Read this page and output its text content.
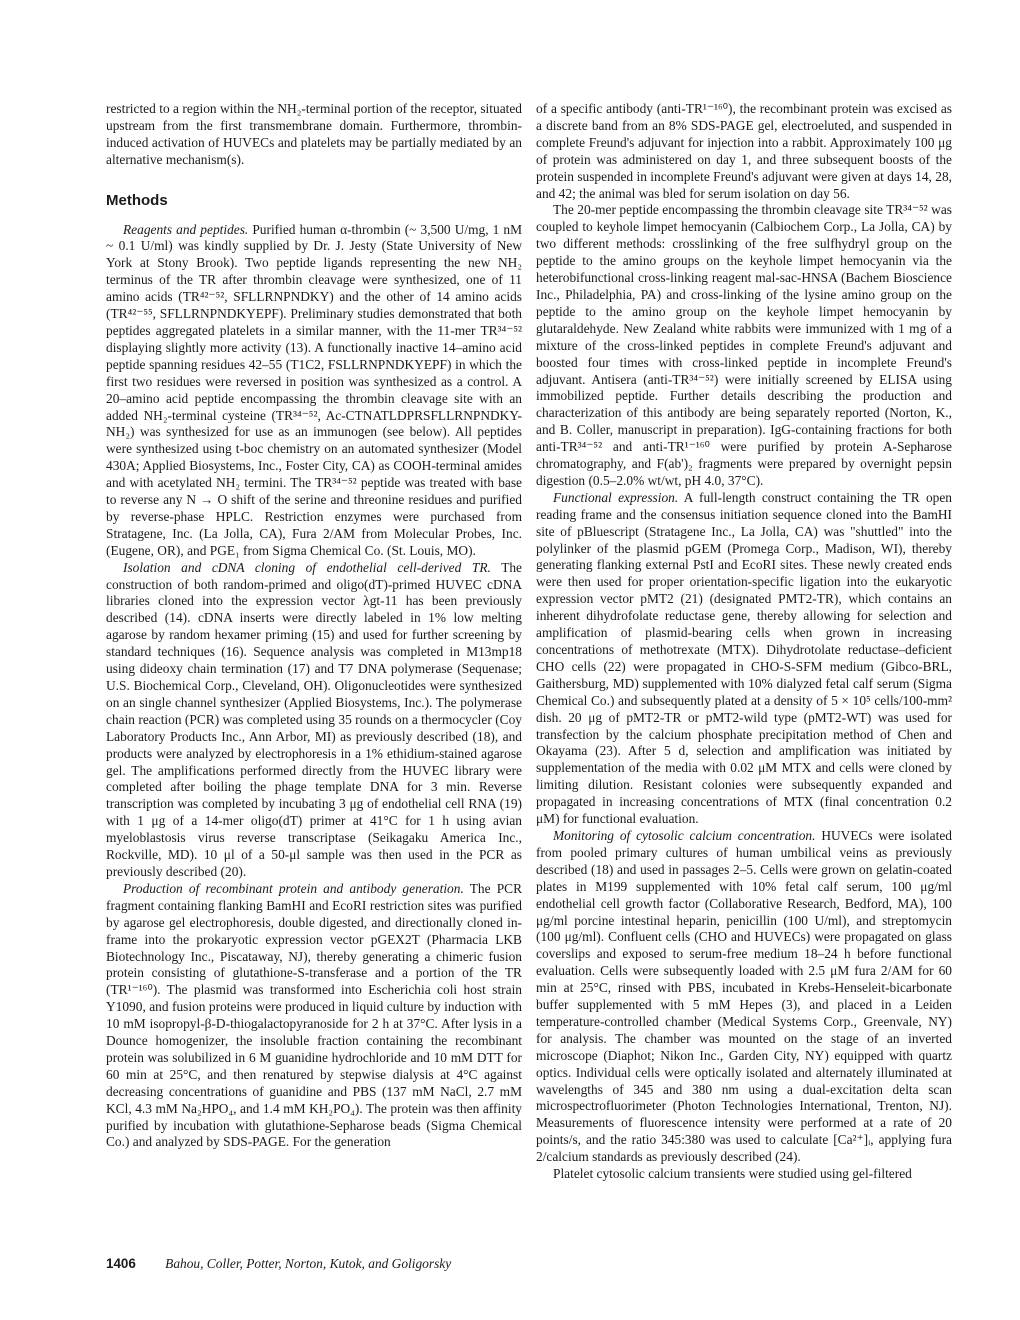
restricted to a region within the NH₂-terminal portion of the receptor, situated upstream from the first transmembrane domain. Furthermore, thrombin-induced activation of HUVECs and platelets may be partially mediated by an alternative mechanism(s).

Methods

Reagents and peptides. Purified human α-thrombin (~ 3,500 U/mg, 1 nM ~ 0.1 U/ml) was kindly supplied by Dr. J. Jesty (State University of New York at Stony Brook). Two peptide ligands representing the new NH₂ terminus of the TR after thrombin cleavage were synthesized, one of 11 amino acids (TR⁴²⁻⁵², SFLLRNPNDKY) and the other of 14 amino acids (TR⁴²⁻⁵⁵, SFLLRNPNDKYEPF). Preliminary studies demonstrated that both peptides aggregated platelets in a similar manner, with the 11-mer TR³⁴⁻⁵² displaying slightly more activity (13). A functionally inactive 14–amino acid peptide spanning residues 42–55 (T1C2, FSLLRNPNDKYEPF) in which the first two residues were reversed in position was synthesized as a control. A 20–amino acid peptide encompassing the thrombin cleavage site with an added NH₂-terminal cysteine (TR³⁴⁻⁵², Ac-CTNATLDPRSFLLRNPNDKY-NH₂) was synthesized for use as an immunogen (see below). All peptides were synthesized using t-boc chemistry on an automated synthesizer (Model 430A; Applied Biosystems, Inc., Foster City, CA) as COOH-terminal amides and with acetylated NH₂ termini. The TR³⁴⁻⁵² peptide was treated with base to reverse any N → O shift of the serine and threonine residues and purified by reverse-phase HPLC. Restriction enzymes were purchased from Stratagene, Inc. (La Jolla, CA), Fura 2/AM from Molecular Probes, Inc. (Eugene, OR), and PGE₁ from Sigma Chemical Co. (St. Louis, MO).

Isolation and cDNA cloning of endothelial cell-derived TR. The construction of both random-primed and oligo(dT)-primed HUVEC cDNA libraries cloned into the expression vector λgt-11 has been previously described (14). cDNA inserts were directly labeled in 1% low melting agarose by random hexamer priming (15) and used for further screening by standard techniques (16). Sequence analysis was completed in M13mp18 using dideoxy chain termination (17) and T7 DNA polymerase (Sequenase; U.S. Biochemical Corp., Cleveland, OH). Oligonucleotides were synthesized on an single channel synthesizer (Applied Biosystems, Inc.). The polymerase chain reaction (PCR) was completed using 35 rounds on a thermocycler (Coy Laboratory Products Inc., Ann Arbor, MI) as previously described (18), and products were analyzed by electrophoresis in a 1% ethidium-stained agarose gel. The amplifications performed directly from the HUVEC library were completed after boiling the phage template DNA for 3 min. Reverse transcription was completed by incubating 3 μg of endothelial cell RNA (19) with 1 μg of a 14-mer oligo(dT) primer at 41°C for 1 h using avian myeloblastosis virus reverse transcriptase (Seikagaku America Inc., Rockville, MD). 10 μl of a 50-μl sample was then used in the PCR as previously described (20).

Production of recombinant protein and antibody generation. The PCR fragment containing flanking BamHI and EcoRI restriction sites was purified by agarose gel electrophoresis, double digested, and directionally cloned in-frame into the prokaryotic expression vector pGEX2T (Pharmacia LKB Biotechnology Inc., Piscataway, NJ), thereby generating a chimeric fusion protein consisting of glutathione-S-transferase and a portion of the TR (TR¹⁻¹⁶⁰). The plasmid was transformed into Escherichia coli host strain Y1090, and fusion proteins were produced in liquid culture by induction with 10 mM isopropyl-β-D-thiogalactopyranoside for 2 h at 37°C. After lysis in a Dounce homogenizer, the insoluble fraction containing the recombinant protein was solubilized in 6 M guanidine hydrochloride and 10 mM DTT for 60 min at 25°C, and then renatured by stepwise dialysis at 4°C against decreasing concentrations of guanidine and PBS (137 mM NaCl, 2.7 mM KCl, 4.3 mM Na₂HPO₄, and 1.4 mM KH₂PO₄). The protein was then affinity purified by incubation with glutathione-Sepharose beads (Sigma Chemical Co.) and analyzed by SDS-PAGE. For the generation

of a specific antibody (anti-TR¹⁻¹⁶⁰), the recombinant protein was excised as a discrete band from an 8% SDS-PAGE gel, electroeluted, and suspended in complete Freund's adjuvant for injection into a rabbit. Approximately 100 μg of protein was administered on day 1, and three subsequent boosts of the protein suspended in incomplete Freund's adjuvant were given at days 14, 28, and 42; the animal was bled for serum isolation on day 56.

The 20-mer peptide encompassing the thrombin cleavage site TR³⁴⁻⁵² was coupled to keyhole limpet hemocyanin (Calbiochem Corp., La Jolla, CA) by two different methods: crosslinking of the free sulfhydryl group on the peptide to the amino groups on the keyhole limpet hemocyanin via the heterobifunctional cross-linking reagent mal-sac-HNSA (Bachem Bioscience Inc., Philadelphia, PA) and cross-linking of the lysine amino group on the peptide to the amino group on the keyhole limpet hemocyanin by glutaraldehyde. New Zealand white rabbits were immunized with 1 mg of a mixture of the cross-linked peptides in complete Freund's adjuvant and boosted four times with cross-linked peptide in incomplete Freund's adjuvant. Antisera (anti-TR³⁴⁻⁵²) were initially screened by ELISA using immobilized peptide. Further details describing the production and characterization of this antibody are being separately reported (Norton, K., and B. Coller, manuscript in preparation). IgG-containing fractions for both anti-TR³⁴⁻⁵² and anti-TR¹⁻¹⁶⁰ were purified by protein A-Sepharose chromatography, and F(ab')₂ fragments were prepared by overnight pepsin digestion (0.5–2.0% wt/wt, pH 4.0, 37°C).

Functional expression. A full-length construct containing the TR open reading frame and the consensus initiation sequence cloned into the BamHI site of pBluescript (Stratagene Inc., La Jolla, CA) was "shuttled" into the polylinker of the plasmid pGEM (Promega Corp., Madison, WI), thereby generating flanking external PstI and EcoRI sites. These newly created ends were then used for proper orientation-specific ligation into the eukaryotic expression vector pMT2 (21) (designated PMT2-TR), which contains an inherent dihydrofolate reductase gene, thereby allowing for selection and amplification of plasmid-bearing cells when grown in increasing concentrations of methotrexate (MTX). Dihydrotolate reductase–deficient CHO cells (22) were propagated in CHO-S-SFM medium (Gibco-BRL, Gaithersburg, MD) supplemented with 10% dialyzed fetal calf serum (Sigma Chemical Co.) and subsequently plated at a density of 5 × 10⁵ cells/100-mm² dish. 20 μg of pMT2-TR or pMT2-wild type (pMT2-WT) was used for transfection by the calcium phosphate precipitation method of Chen and Okayama (23). After 5 d, selection and amplification was initiated by supplementation of the media with 0.02 μM MTX and cells were cloned by limiting dilution. Resistant colonies were subsequently expanded and propagated in increasing concentrations of MTX (final concentration 0.2 μM) for functional evaluation.

Monitoring of cytosolic calcium concentration. HUVECs were isolated from pooled primary cultures of human umbilical veins as previously described (18) and used in passages 2–5. Cells were grown on gelatin-coated plates in M199 supplemented with 10% fetal calf serum, 100 μg/ml endothelial cell growth factor (Collaborative Research, Bedford, MA), 100 μg/ml porcine intestinal heparin, penicillin (100 U/ml), and streptomycin (100 μg/ml). Confluent cells (CHO and HUVECs) were propagated on glass coverslips and exposed to serum-free medium 18–24 h before functional evaluation. Cells were subsequently loaded with 2.5 μM fura 2/AM for 60 min at 25°C, rinsed with PBS, incubated in Krebs-Henseleit-bicarbonate buffer supplemented with 5 mM Hepes (3), and placed in a Leiden temperature-controlled chamber (Medical Systems Corp., Greenvale, NY) for analysis. The chamber was mounted on the stage of an inverted microscope (Diaphot; Nikon Inc., Garden City, NY) equipped with quartz optics. Individual cells were optically isolated and alternately illuminated at wavelengths of 345 and 380 nm using a dual-excitation delta scan microspectrofluorimeter (Photon Technologies International, Trenton, NJ). Measurements of fluorescence intensity were performed at a rate of 20 points/s, and the ratio 345:380 was used to calculate [Ca²⁺]ᵢ, applying fura 2/calcium standards as previously described (24).

Platelet cytosolic calcium transients were studied using gel-filtered

1406 Bahou, Coller, Potter, Norton, Kutok, and Goligorsky
